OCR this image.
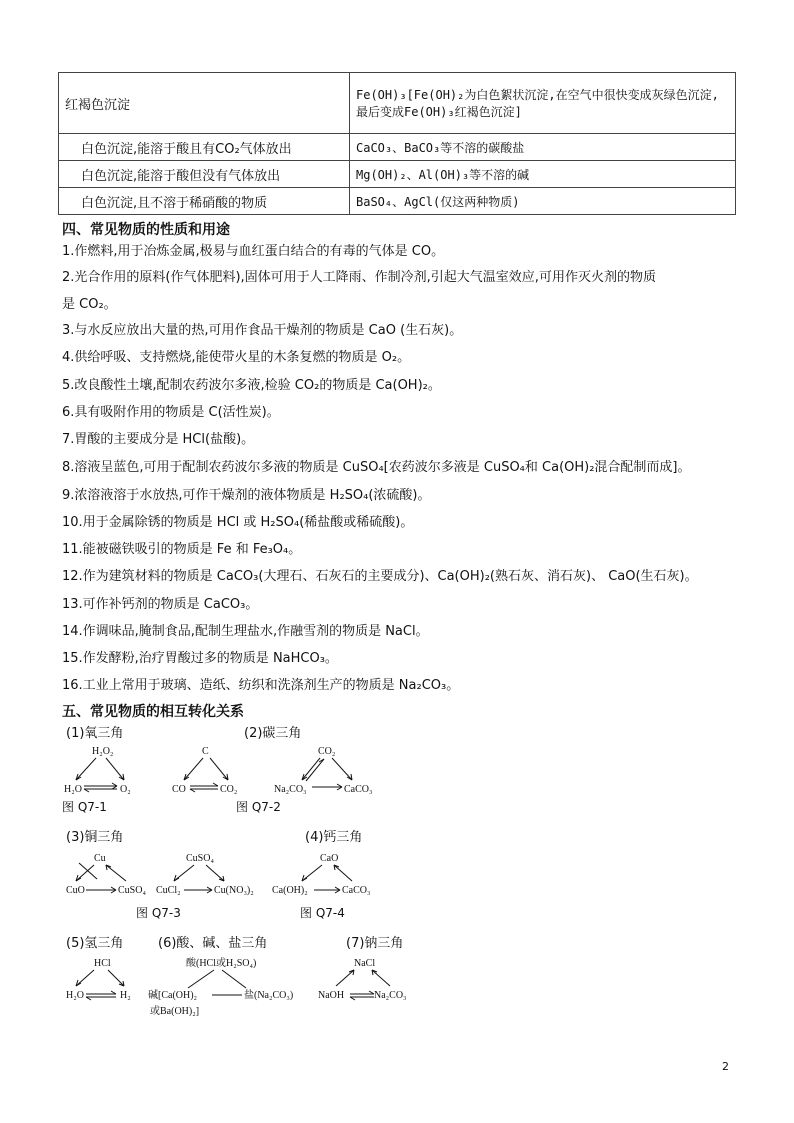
红褐色沉淀	Fe(OH)₃[Fe(OH)₂为白色絮状沉淀,在空气中很快变成灰绿色沉淀,最后变成Fe(OH)₃红褐色沉淀]
白色沉淀,能溶于酸且有CO₂气体放出	CaCO₃、BaCO₃等不溶的碳酸盐
白色沉淀,能溶于酸但没有气体放出	Mg(OH)₂、Al(OH)₃等不溶的碱
白色沉淀,且不溶于稀硝酸的物质	BaSO₄、AgCl(仅这两种物质)
四、常见物质的性质和用途
1.作燃料,用于冶炼金属,极易与血红蛋白结合的有毒的气体是 CO。
2.光合作用的原料(作气体肥料),固体可用于人工降雨、作制冷剂,引起大气温室效应,可用作灭火剂的物质
是 CO₂。
3.与水反应放出大量的热,可用作食品干燥剂的物质是 CaO (生石灰)。
4.供给呼吸、支持燃烧,能使带火星的木条复燃的物质是 O₂。
5.改良酸性土壤,配制农药波尔多液,检验 CO₂的物质是 Ca(OH)₂。
6.具有吸附作用的物质是 C(活性炭)。
7.胃酸的主要成分是 HCl(盐酸)。
8.溶液呈蓝色,可用于配制农药波尔多液的物质是 CuSO₄[农药波尔多液是 CuSO₄和 Ca(OH)₂混合配制而成]。
9.浓溶液溶于水放热,可作干燥剂的液体物质是 H₂SO₄(浓硫酸)。
10.用于金属除锈的物质是 HCl 或 H₂SO₄(稀盐酸或稀硫酸)。
11.能被磁铁吸引的物质是 Fe 和 Fe₃O₄。
12.作为建筑材料的物质是 CaCO₃(大理石、石灰石的主要成分)、Ca(OH)₂(熟石灰、消石灰)、 CaO(生石灰)。
13.可作补钙剂的物质是 CaCO₃。
14.作调味品,腌制食品,配制生理盐水,作融雪剂的物质是 NaCl。
15.作发酵粉,治疗胃酸过多的物质是 NaHCO₃。
16.工业上常用于玻璃、造纸、纺织和洗涤剂生产的物质是 Na₂CO₃。
五、常见物质的相互转化关系
(1)氧三角	(2)碳三角
H₂O₂
H₂O	O₂
C
CO	CO₂
CO₂
Na₂CO₃	CaCO₃
图 Q7-1	图 Q7-2
(3)铜三角	(4)钙三角
Cu
CuO	CuSO₄
CuSO₄
CuCl₂	Cu(NO₃)₂
CaO
Ca(OH)₂	CaCO₃
图 Q7-3	图 Q7-4
(5)氢三角	(6)酸、碱、盐三角	(7)钠三角
HCl
H₂O	H₂
酸(HCl或H₂SO₄)
碱[Ca(OH)₂
或Ba(OH)₂]
盐(Na₂CO₃)
NaCl
NaOH	Na₂CO₃
2
